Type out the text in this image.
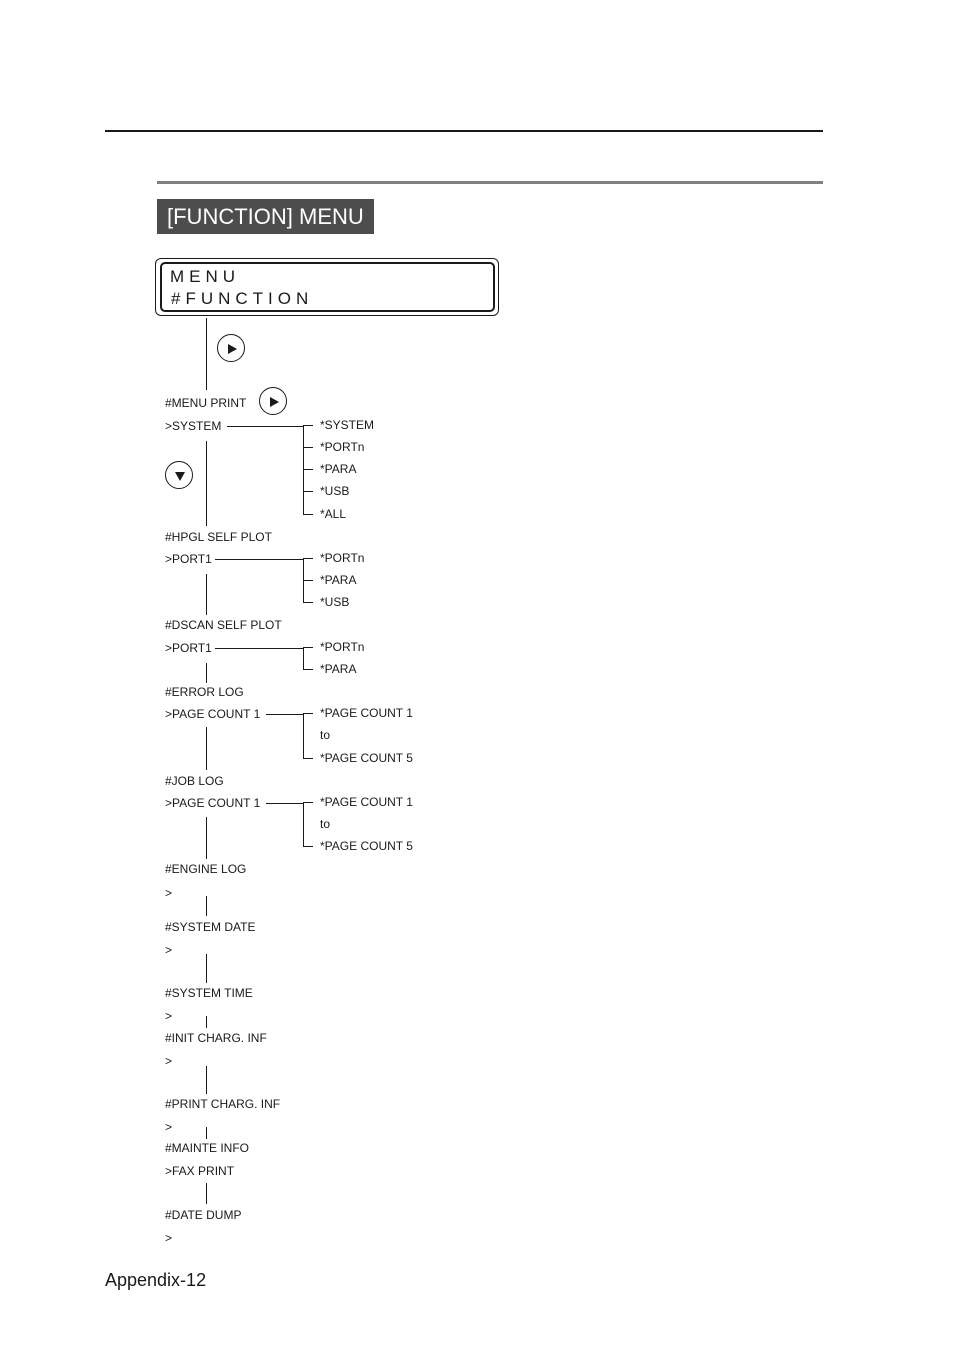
[FUNCTION] MENU
MENU
#FUNCTION
#MENU PRINT
>SYSTEM	*SYSTEM
*PORTn
*PARA
*USB
*ALL
#HPGL SELF PLOT
>PORT1	*PORTn
*PARA
*USB
#DSCAN SELF PLOT
>PORT1	*PORTn
*PARA
#ERROR LOG
>PAGE COUNT 1	*PAGE COUNT 1
to
*PAGE COUNT 5
#JOB LOG
>PAGE COUNT 1	*PAGE COUNT 1
to
*PAGE COUNT 5
#ENGINE LOG
>
#SYSTEM DATE
>
#SYSTEM TIME
>
#INIT CHARG. INF
>
#PRINT CHARG. INF
>
#MAINTE INFO
>FAX PRINT
#DATE DUMP
>
Appendix-12
